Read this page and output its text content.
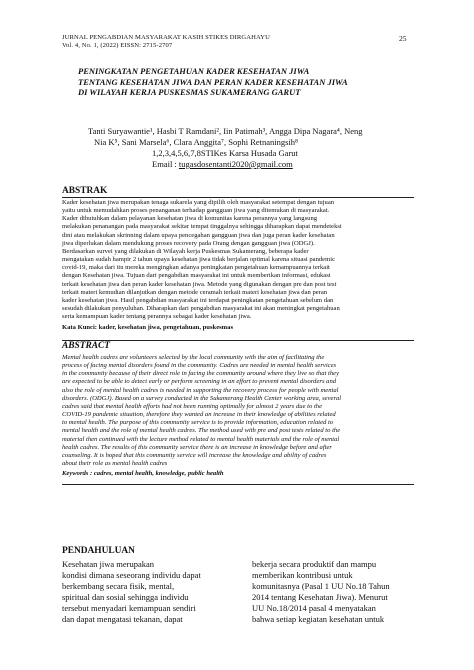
JURNAL PENGABDIAN MASYARAKAT KASIH STIKES DIRGAHAYU
Vol. 4, No. 1, (2022) EISSN: 2715-2707
25
PENINGKATAN PENGETAHUAN KADER KESEHATAN JIWA
TENTANG KESEHATAN JIWA DAN PERAN KADER KESEHATAN JIWA
DI WILAYAH KERJA PUSKESMAS SUKAMERANG GARUT
Tanti Suryawantie¹, Hasbi T Ramdani², Iin Patimah³, Angga Dipa Nagara⁴, Neng
Nia K⁵, Sani Marsela⁶, Clara Anggita⁷, Sophi Retnaningsih⁸
1,2,3,4,5,6,7,8STIKes Karsa Husada Garut
Email : tugasdosentanti2020@gmail.com
ABSTRAK
Kader kesehatan jiwa merupakan tenaga sukarela yang dipilih oleh masyarakat setempat dengan tujuan
yaitu untuk memudahkan proses penanganan terhadap gangguan jiwa yang ditemukan di masyarakat.
Kader dibutuhkan dalam pelayanan kesehatan jiwa di komunitas karena perannya yang langsung
melakukan penanangan pada masyarakat sekitar tempat tinggalnya sehingga diharapkan dapat mendeteksi
dini atau melakukan skrinning dalam upaya pencegahan gangguan jiwa dan juga peran kader kesehatan
jiwa diperlukan dalam mendukung proses recovery pada Orang dengan gangguan jiwa (ODGJ).
Berdasarkan survei yang dilakukan di Wilayah kerja Puskesmas Sukamerang, beberapa kader
mengatakan sudah hampir 2 tahun upaya kesehatan jiwa tidak berjalan optimal karena situasi pandemic
covid-19, maka dari itu mereka mengingkan adanya peningkatan pengetahuan kemampuannya terkait
dengan Kesehatan jiwa. Tujuan dari pengabdian masyarakat ini untuk memberikan informasi, edukasi
terkait kesehatan jiwa dan peran kader kesehatan jiwa. Metode yang digunakan dengan pre dan post test
terkait materi kemudian dilanjutkan dengan metode ceramah terkait materi kesehatan jiwa dan peran
kader kesehatan jiwa. Hasil pengabdian masyarakat ini terdapat peningkatan pengetahuan sebelum dan
sesudah dilakukan penyuluhan. Diharapkan dari pengabdian masyarakat ini akan meningkat pengetahuan
serta kemampuan kader tentang perannya sebagai kader kesehatan jiwa.
Kata Kunci: kader, kesehatan jiwa, pengetahuan, puskesmas
ABSTRACT
Mental health cadres are volunteers selected by the local community with the aim of facilitating the
process of facing mental disorders found in the community. Cadres are needed in mental health services
in the community because of their direct role in facing the community around where they live so that they
are expected to be able to detect early or perform screening in an effort to prevent mental disorders and
also the role of mental health cadres is needed in supporting the recovery process for people with mental
disorders. (ODGJ). Based on a survey conducted in the Sukamerang Health Center working area, several
cadres said that mental health efforts had not been running optimally for almost 2 years due to the
COVID-19 pandemic situation, therefore they wanted an increase in their knowledge of abilities related
to mental health. The purpose of this community service is to provide information, education related to
mental health and the role of mental health cadres. The method used with pre and post tests related to the
material then continued with the lecture method related to mental health materials and the role of mental
health cadres. The results of this community service there is an increase in knowledge before and after
counseling. It is hoped that this community service will increase the knowledge and ability of cadres
about their role as mental health cadres
Keywords : cadres, mental health, knowledge, public health
PENDAHULUAN
Kesehatan jiwa merupakan
kondisi dimana seseorang individu dapat
berkembang secara fisik, mental,
spiritual dan sosial sehingga individu
tersebut menyadari kemampuan sendiri
dan dapat mengatasi tekanan, dapat
bekerja secara produktif dan mampu
memberikan kontribusi untuk
komunitasnya (Pasal 1 UU No.18 Tahun
2014 tentang Kesehatan Jiwa). Menurut
UU No.18/2014 pasal 4 menyatakan
bahwa setiap kegiatan kesehatan untuk
